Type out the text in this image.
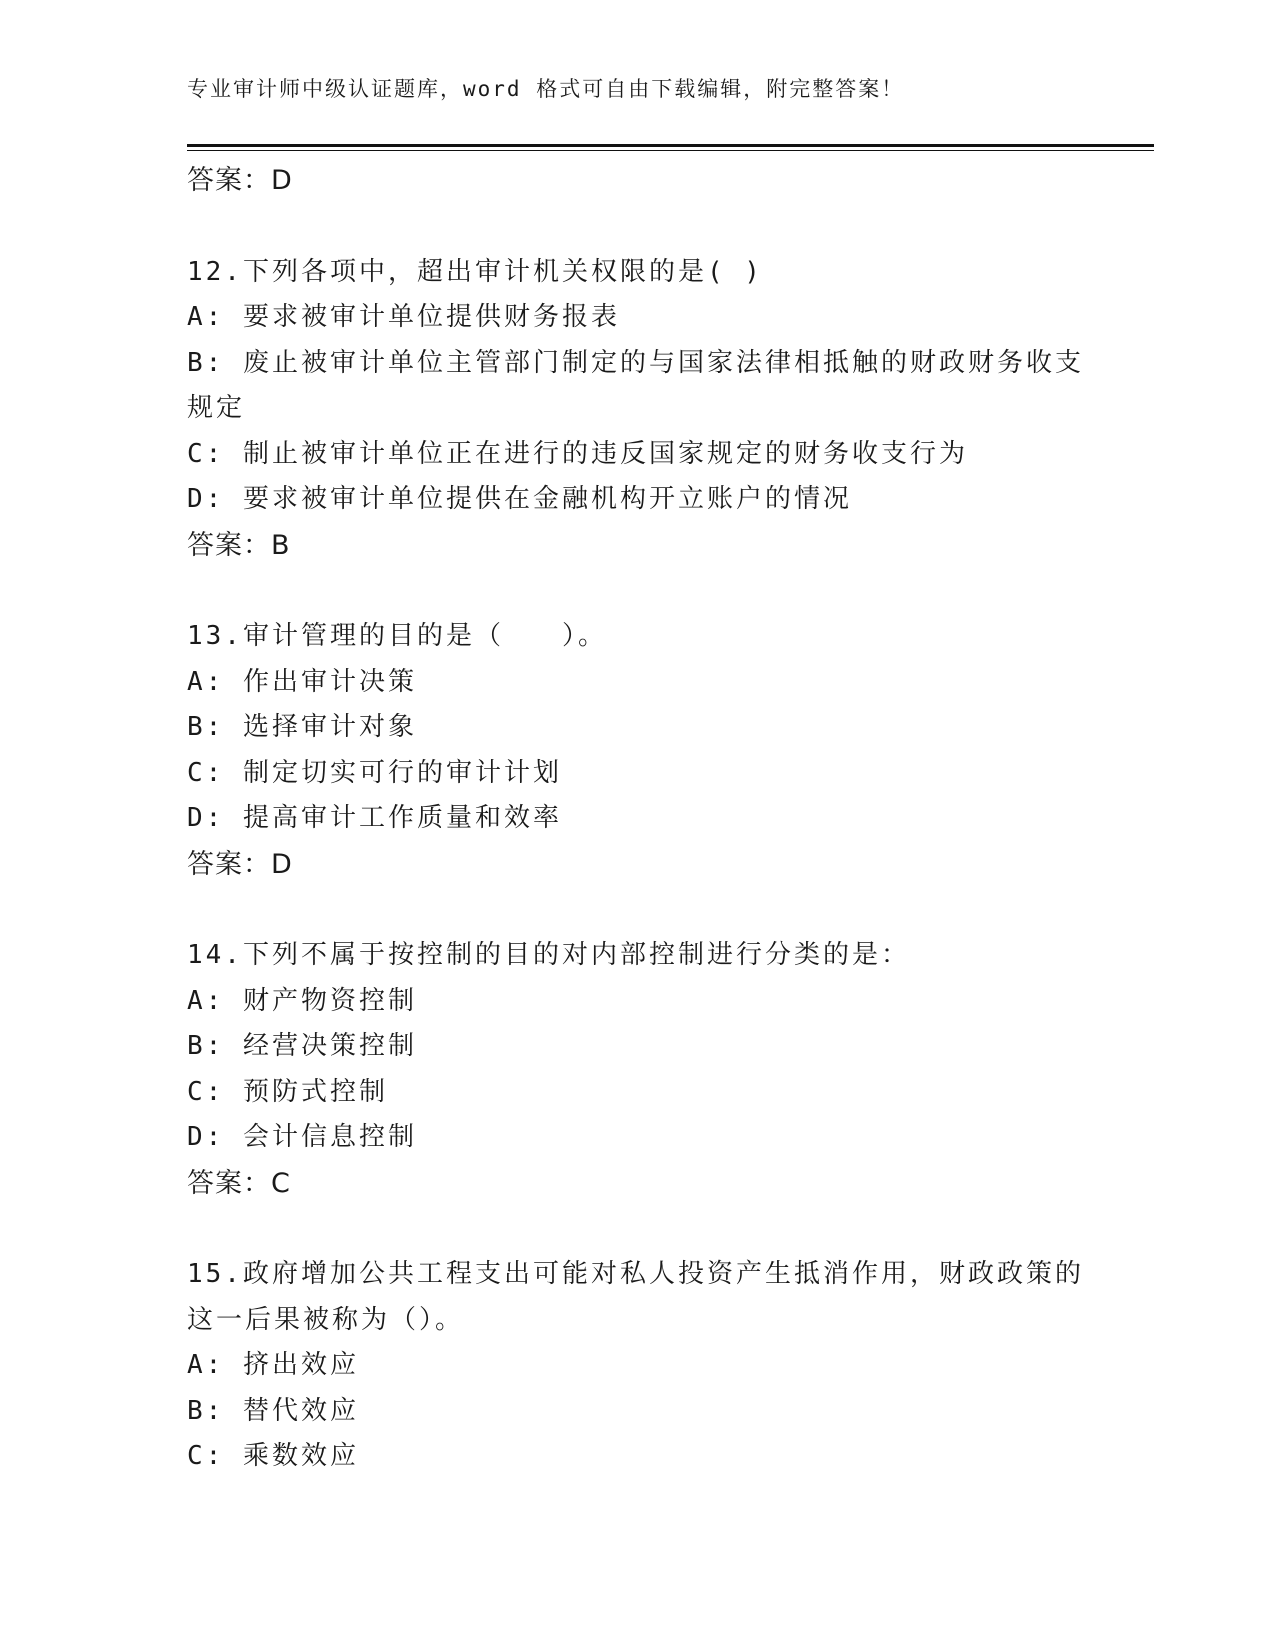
专业审计师中级认证题库，word 格式可自由下载编辑，附完整答案！
答案：D
12.下列各项中，超出审计机关权限的是( )
A: 要求被审计单位提供财务报表
B: 废止被审计单位主管部门制定的与国家法律相抵触的财政财务收支
规定
C: 制止被审计单位正在进行的违反国家规定的财务收支行为
D: 要求被审计单位提供在金融机构开立账户的情况
答案：B
13.审计管理的目的是（　　）。
A: 作出审计决策
B: 选择审计对象
C: 制定切实可行的审计计划
D: 提高审计工作质量和效率
答案：D
14.下列不属于按控制的目的对内部控制进行分类的是：
A: 财产物资控制
B: 经营决策控制
C: 预防式控制
D: 会计信息控制
答案：C
15.政府增加公共工程支出可能对私人投资产生抵消作用，财政政策的
这一后果被称为（）。
A: 挤出效应
B: 替代效应
C: 乘数效应
